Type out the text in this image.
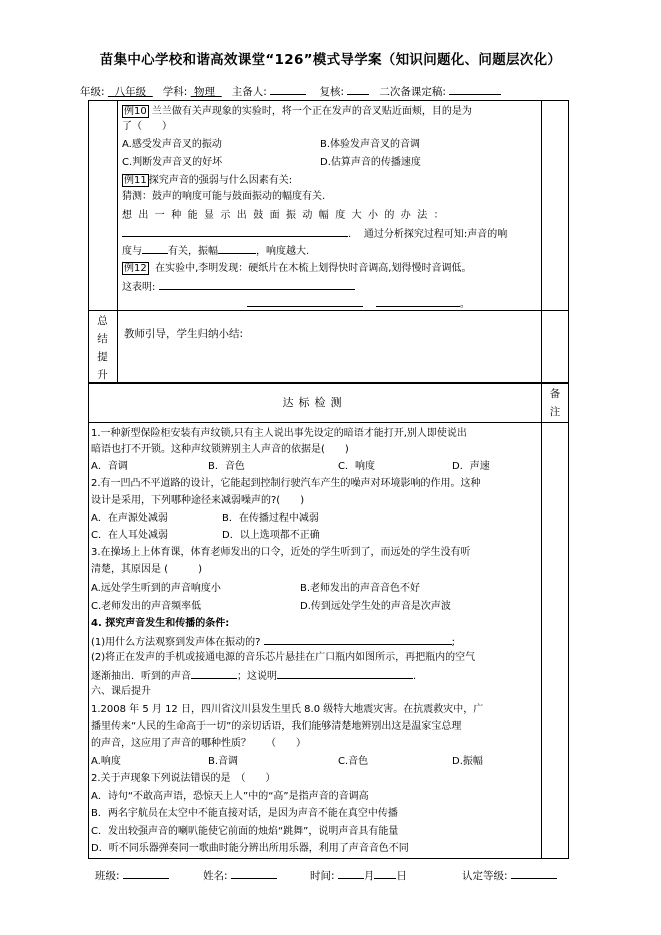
苗集中心学校和谐高效课堂“126”模式导学案（知识问题化、问题层次化）
年级: 八年级 学科: 物理 主备人:	复核:	二次备课定稿:
例10 兰兰做有关声现象的实验时，将一个正在发声的音叉贴近面颊，目的是为
了（　　）
A.感受发声音叉的振动	B.体验发声音叉的音调
C.判断发声音叉的好坏	D.估算声音的传播速度
例11 探究声音的强弱与什么因素有关:
猜测：鼓声的响度可能与鼓面振动的幅度有关.
想出一种能显示出鼓面振动幅度大小的办法：
. 通过分析探究过程可知:声音的响
度与	有关，振幅	，响度越大.
例12 在实验中,李明发现：硬纸片在木梳上划得快时音调高,划得慢时音调低。
这表明:
。
总
结
提
升
教师引导，学生归纳小结:
达标检测
备
注
1.一种新型保险柜安装有声纹锁,只有主人说出事先设定的暗语才能打开,别人即使说出
暗语也打不开锁。这种声纹锁辨别主人声音的依据是(　　)
A．音调	B．音色	C．响度	D．声速
2.有一凹凸不平道路的设计，它能起到控制行驶汽车产生的噪声对环境影响的作用。这种
设计是采用，下列哪种途径来减弱噪声的?(　　)
A．在声源处减弱	B．在传播过程中减弱
C．在人耳处减弱	D．以上选项都不正确
3.在操场上上体育课，体育老师发出的口令，近处的学生听到了，而远处的学生没有听
清楚，其原因是 (　　　)
A.远处学生听到的声音响度小	B.老师发出的声音音色不好
C.老师发出的声音频率低	D.传到远处学生处的声音是次声波
4. 探究声音发生和传播的条件:
(1)用什么方法观察到发声体在振动的?	;
(2)将正在发声的手机或接通电源的音乐芯片悬挂在广口瓶内如图所示，再把瓶内的空气
逐渐抽出．听到的声音	；这说明	.
六、课后提升
1.2008 年 5 月 12 日，四川省汶川县发生里氏 8.0 级特大地震灾害。在抗震救灾中，广
播里传来“人民的生命高于一切”的亲切话语，我们能够清楚地辨别出这是温家宝总理
的声音，这应用了声音的哪种性质？　　（　　）
A.响度	B.音调	C.音色	D.振幅
2.关于声现象下列说法错误的是　（　　）
A．诗句“不敢高声语，恐惊天上人”中的“高”是指声音的音调高
B．两名宇航员在太空中不能直接对话，是因为声音不能在真空中传播
C．发出较强声音的喇叭能使它前面的烛焰“跳舞”，说明声音具有能量
D．听不同乐器弹奏同一歌曲时能分辨出所用乐器，利用了声音音色不同
班级:	姓名:	时间:	月 日	认定等级:
